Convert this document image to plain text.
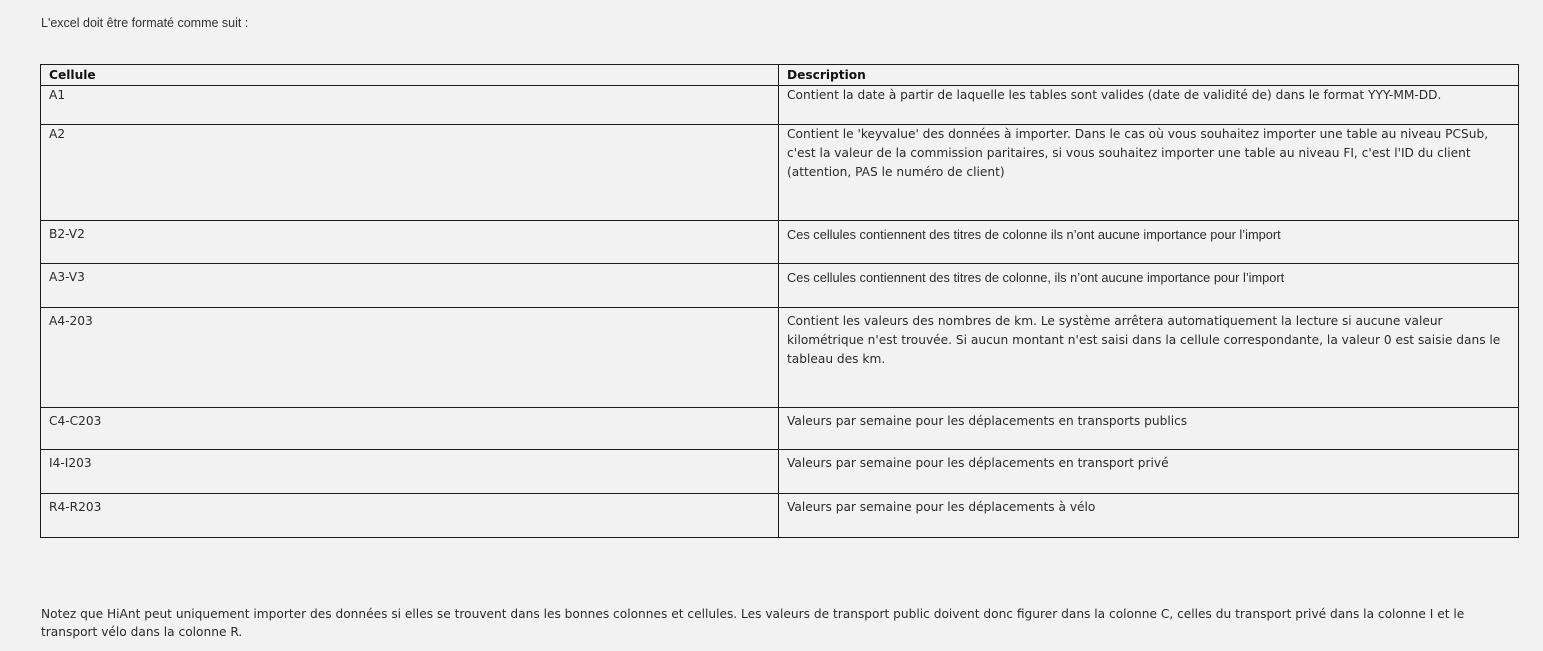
L'excel doit être formaté comme suit :
Cellule	Description
A1	Contient la date à partir de laquelle les tables sont valides (date de validité de) dans le format YYY-MM-DD.
A2	Contient le 'keyvalue' des données à importer. Dans le cas où vous souhaitez importer une table au niveau PCSub, c'est la valeur de la commission paritaires, si vous souhaitez importer une table au niveau FI, c'est l'ID du client (attention, PAS le numéro de client)
B2-V2	Ces cellules contiennent des titres de colonne ils n’ont aucune importance pour l’import
A3-V3	Ces cellules contiennent des titres de colonne, ils n’ont aucune importance pour l’import
A4-203	Contient les valeurs des nombres de km. Le système arrêtera automatiquement la lecture si aucune valeur kilométrique n'est trouvée. Si aucun montant n'est saisi dans la cellule correspondante, la valeur 0 est saisie dans le tableau des km.
C4-C203	Valeurs par semaine pour les déplacements en transports publics
I4-I203	Valeurs par semaine pour les déplacements en transport privé
R4-R203	Valeurs par semaine pour les déplacements à vélo
Notez que HiAnt peut uniquement importer des données si elles se trouvent dans les bonnes colonnes et cellules. Les valeurs de transport public doivent donc figurer dans la colonne C, celles du transport privé dans la colonne I et le transport vélo dans la colonne R.
